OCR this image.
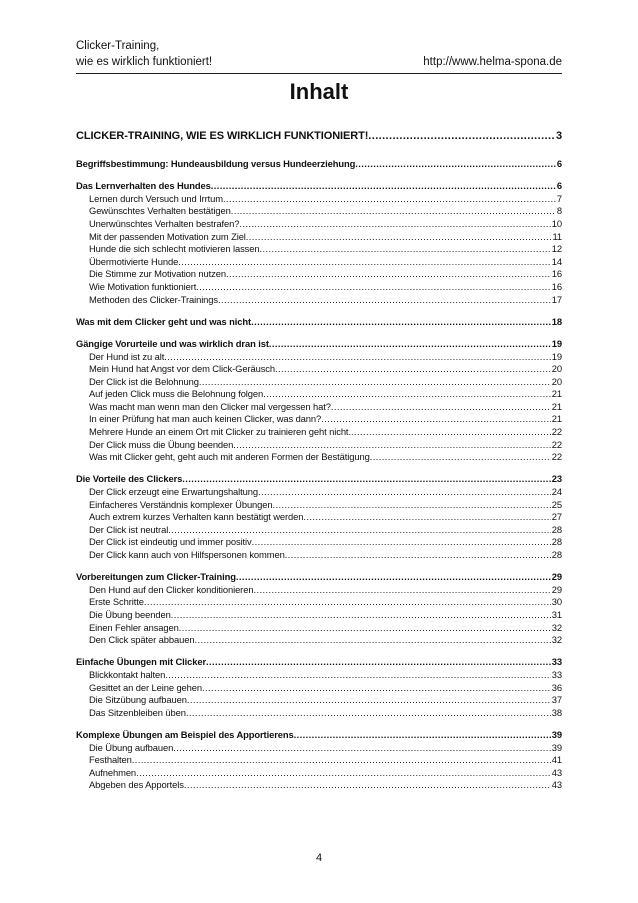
Clicker-Training,
wie es wirklich funktioniert!	http://www.helma-spona.de
Inhalt
CLICKER-TRAINING, WIE ES WIRKLICH FUNKTIONIERT! .....	3
Begriffsbestimmung: Hundeausbildung versus Hundeerziehung .....	6
Das Lernverhalten des Hundes .....	6
Lernen durch Versuch und Irrtum .....	7
Gewünschtes Verhalten bestätigen .....	8
Unerwünschtes Verhalten bestrafen? .....	10
Mit der passenden Motivation zum Ziel .....	11
Hunde die sich schlecht motivieren lassen .....	12
Übermotivierte Hunde .....	14
Die Stimme zur Motivation nutzen .....	16
Wie Motivation funktioniert .....	16
Methoden des Clicker-Trainings .....	17
Was mit dem Clicker geht und was nicht .....	18
Gängige Vorurteile und was wirklich dran ist .....	19
Der Hund ist zu alt .....	19
Mein Hund hat Angst vor dem Click-Geräusch .....	20
Der Click ist die Belohnung .....	20
Auf jeden Click muss die Belohnung folgen .....	21
Was macht man wenn man den Clicker mal vergessen hat? .....	21
In einer Prüfung hat man auch keinen Clicker, was dann? .....	21
Mehrere Hunde an einem Ort mit Clicker zu trainieren geht nicht. .....	22
Der Click muss die Übung beenden .....	22
Was mit Clicker geht, geht auch mit anderen Formen der Bestätigung .....	22
Die Vorteile des Clickers .....	23
Der Click erzeugt eine Erwartungshaltung .....	24
Einfacheres Verständnis komplexer Übungen .....	25
Auch extrem kurzes Verhalten kann bestätigt werden .....	27
Der Click ist neutral .....	28
Der Click ist eindeutig und immer positiv .....	28
Der Click kann auch von Hilfspersonen kommen .....	28
Vorbereitungen zum Clicker-Training .....	29
Den Hund auf den Clicker konditionieren .....	29
Erste Schritte .....	30
Die Übung beenden .....	31
Einen Fehler ansagen .....	32
Den Click später abbauen .....	32
Einfache Übungen mit Clicker .....	33
Blickkontakt halten .....	33
Gesittet an der Leine gehen .....	36
Die Sitzübung aufbauen .....	37
Das Sitzenbleiben üben .....	38
Komplexe Übungen am Beispiel des Apportierens .....	39
Die Übung aufbauen .....	39
Festhalten .....	41
Aufnehmen .....	43
Abgeben des Apportels .....	43
4
